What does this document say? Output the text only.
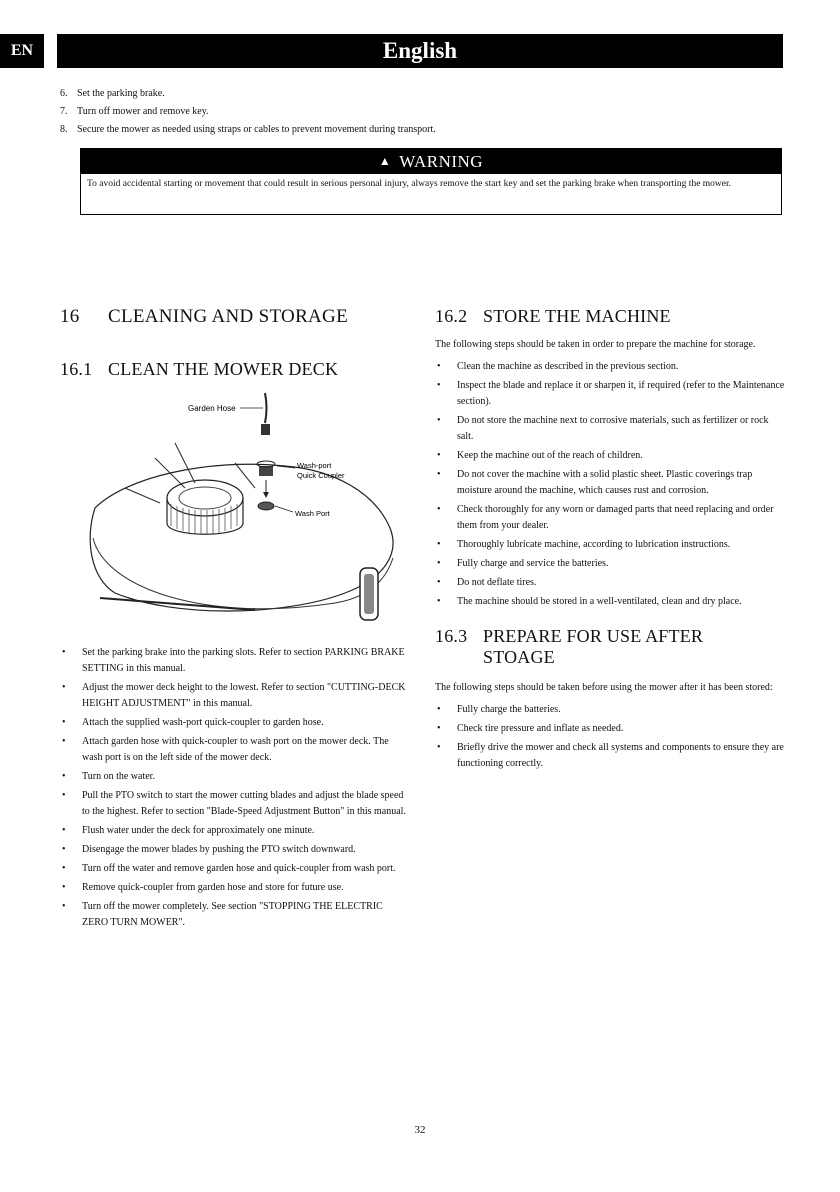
EN	English
6. Set the parking brake.
7. Turn off mower and remove key.
8. Secure the mower as needed using straps or cables to prevent movement during transport.
▲ WARNING
To avoid accidental starting or movement that could result in serious personal injury, always remove the start key and set the parking brake when transporting the mower.
16	CLEANING AND STORAGE
16.1 CLEAN THE MOWER DECK
Garden Hose
Wash-port
Quick Coupler
Wash Port
•	Set the parking brake into the parking slots. Refer to section PARKING BRAKE SETTING in this manual.
•	Adjust the mower deck height to the lowest. Refer to section "CUTTING-DECK HEIGHT ADJUSTMENT" in this manual.
•	Attach the supplied wash-port quick-coupler to garden hose.
•	Attach garden hose with quick-coupler to wash port on the mower deck. The wash port is on the left side of the mower deck.
•	Turn on the water.
•	Pull the PTO switch to start the mower cutting blades and adjust the blade speed to the highest. Refer to section "Blade-Speed Adjustment Button" in this manual.
•	Flush water under the deck for approximately one minute.
•	Disengage the mower blades by pushing the PTO switch downward.
•	Turn off the water and remove garden hose and quick-coupler from wash port.
•	Remove quick-coupler from garden hose and store for future use.
•	Turn off the mower completely. See section "STOPPING THE ELECTRIC ZERO TURN MOWER".
16.2 STORE THE MACHINE

The following steps should be taken in order to prepare the machine for storage.

•	Clean the machine as described in the previous section.
•	Inspect the blade and replace it or sharpen it, if required (refer to the Maintenance section).
•	Do not store the machine next to corrosive materials, such as fertilizer or rock salt.
•	Keep the machine out of the reach of children.
•	Do not cover the machine with a solid plastic sheet. Plastic coverings trap moisture around the machine, which causes rust and corrosion.
•	Check thoroughly for any worn or damaged parts that need replacing and order them from your dealer.
•	Thoroughly lubricate machine, according to lubrication instructions.
•	Fully charge and service the batteries.
•	Do not deflate tires.
•	The machine should be stored in a well-ventilated, clean and dry place.
16.3 PREPARE FOR USE AFTER
STOAGE

The following steps should be taken before using the mower after it has been stored:

•	Fully charge the batteries.
•	Check tire pressure and inflate as needed.
•	Briefly drive the mower and check all systems and components to ensure they are functioning correctly.
32
